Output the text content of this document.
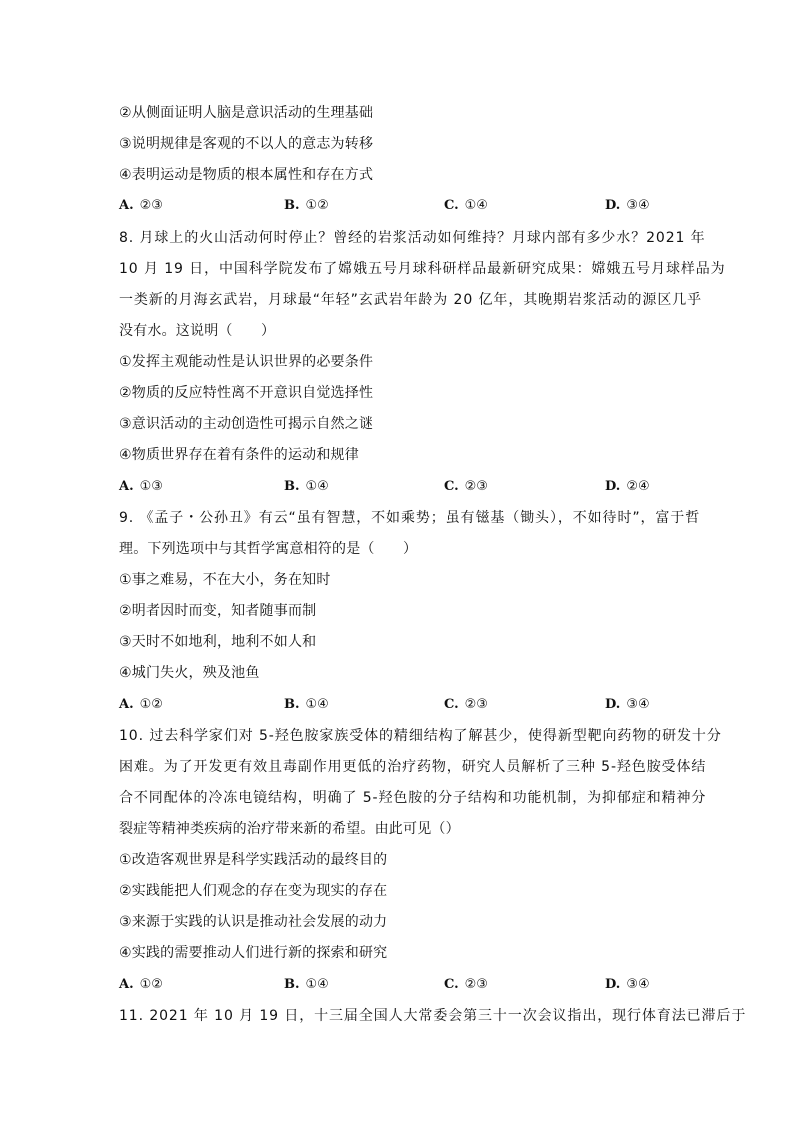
②从侧面证明人脑是意识活动的生理基础
③说明规律是客观的不以人的意志为转移
④表明运动是物质的根本属性和存在方式
A. ②③	B. ①②	C. ①④	D. ③④
8. 月球上的火山活动何时停止？曾经的岩浆活动如何维持？月球内部有多少水？2021 年
10 月 19 日，中国科学院发布了嫦娥五号月球科研样品最新研究成果：嫦娥五号月球样品为
一类新的月海玄武岩，月球最“年轻”玄武岩年龄为 20 亿年，其晚期岩浆活动的源区几乎
没有水。这说明（　　）
①发挥主观能动性是认识世界的必要条件
②物质的反应特性离不开意识自觉选择性
③意识活动的主动创造性可揭示自然之谜
④物质世界存在着有条件的运动和规律
A. ①③	B. ①④	C. ②③	D. ②④
9. 《孟子・公孙丑》有云“虽有智慧，不如乘势；虽有镃基（锄头），不如待时”，富于哲
理。下列选项中与其哲学寓意相符的是（　　）
①事之难易，不在大小，务在知时
②明者因时而变，知者随事而制
③天时不如地利，地利不如人和
④城门失火，殃及池鱼
A. ①②	B. ①④	C. ②③	D. ③④
10. 过去科学家们对 5-羟色胺家族受体的精细结构了解甚少，使得新型靶向药物的研发十分
困难。为了开发更有效且毒副作用更低的治疗药物，研究人员解析了三种 5-羟色胺受体结
合不同配体的冷冻电镜结构，明确了 5-羟色胺的分子结构和功能机制，为抑郁症和精神分
裂症等精神类疾病的治疗带来新的希望。由此可见（）
①改造客观世界是科学实践活动的最终目的
②实践能把人们观念的存在变为现实的存在
③来源于实践的认识是推动社会发展的动力
④实践的需要推动人们进行新的探索和研究
A. ①②	B. ①④	C. ②③	D. ③④
11. 2021 年 10 月 19 日，十三届全国人大常委会第三十一次会议指出，现行体育法已滞后于
